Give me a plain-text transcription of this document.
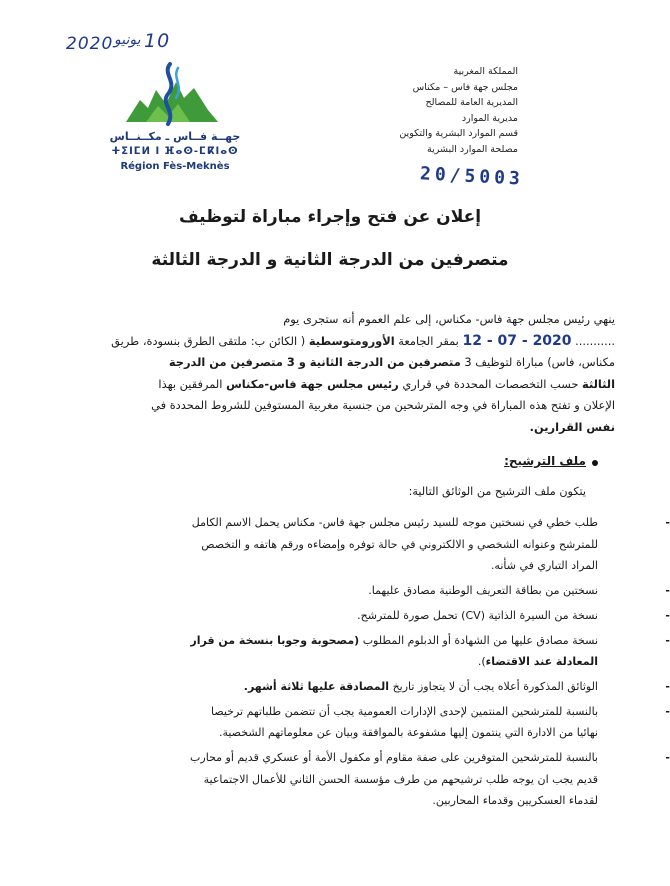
2020 يونيو 10
جهــة فــاس ـ مكــنــاس
ⵜⵉⵏⵎⵍ ⵏ ⴼⴰⵙ-ⵎⴽⵏⴰⵙ
Région Fès-Meknès
المملكة المغربية
مجلس جهة فاس – مكناس
المديرية العامة للمصالح
مديرية الموارد
قسم الموارد البشرية والتكوين
مصلحة الموارد البشرية
20/5003
إعلان عن فتح وإجراء مباراة لتوظيف
متصرفين من الدرجة الثانية و الدرجة الثالثة
ينهي رئيس مجلس جهة فاس- مكناس، إلى علم العموم أنه ستجرى يوم
........... 12 - 07 - 2020 بمقر الجامعة الأورومتوسطية ( الكائن ب: ملتقى الطرق بنسودة، طريق
مكناس، فاس) مباراة لتوظيف 3 متصرفين من الدرجة الثانية و 3 متصرفين من الدرجة
الثالثة حسب التخصصات المحددة في قراري رئيس مجلس جهة فاس-مكناس المرفقين بهذا
الإعلان و تفتح هذه المباراة في وجه المترشحين من جنسية مغربية المستوفين للشروط المحددة في
نفس القرارين.
ملف الترشيح:
يتكون ملف الترشيح من الوثائق التالية:
-
طلب خطي في نسختين موجه للسيد رئيس مجلس جهة فاس- مكناس يحمل الاسم الكامل
للمترشح وعنوانه الشخصي و الالكتروني في حالة توفره وإمضاءه ورقم هاتفه و التخصص
المراد التباري في شأنه.
-
نسختين من بطاقة التعريف الوطنية مصادق عليهما.
-
نسخة من السيرة الذاتية (CV) تحمل صورة للمترشح.
-
نسخة مصادق عليها من الشهادة أو الدبلوم المطلوب (مصحوبة وجوبا بنسخة من قرار
المعادلة عند الاقتضاء).
-
الوثائق المذكورة أعلاه يجب أن لا يتجاوز تاريخ المصادقة عليها ثلاثة أشهر.
-
بالنسبة للمترشحين المنتمين لإحدى الإدارات العمومية يجب أن تتضمن طلباتهم ترخيصا
نهائيا من الادارة التي ينتمون إليها مشفوعة بالموافقة وبيان عن معلوماتهم الشخصية.
-
بالنسبة للمترشحين المتوفرين على صفة مقاوم أو مكفول الأمة أو عسكري قديم أو محارب
قديم يجب ان يوجه طلب ترشيحهم من طرف مؤسسة الحسن الثاني للأعمال الاجتماعية
لقدماء العسكريين وقدماء المحاربين.
